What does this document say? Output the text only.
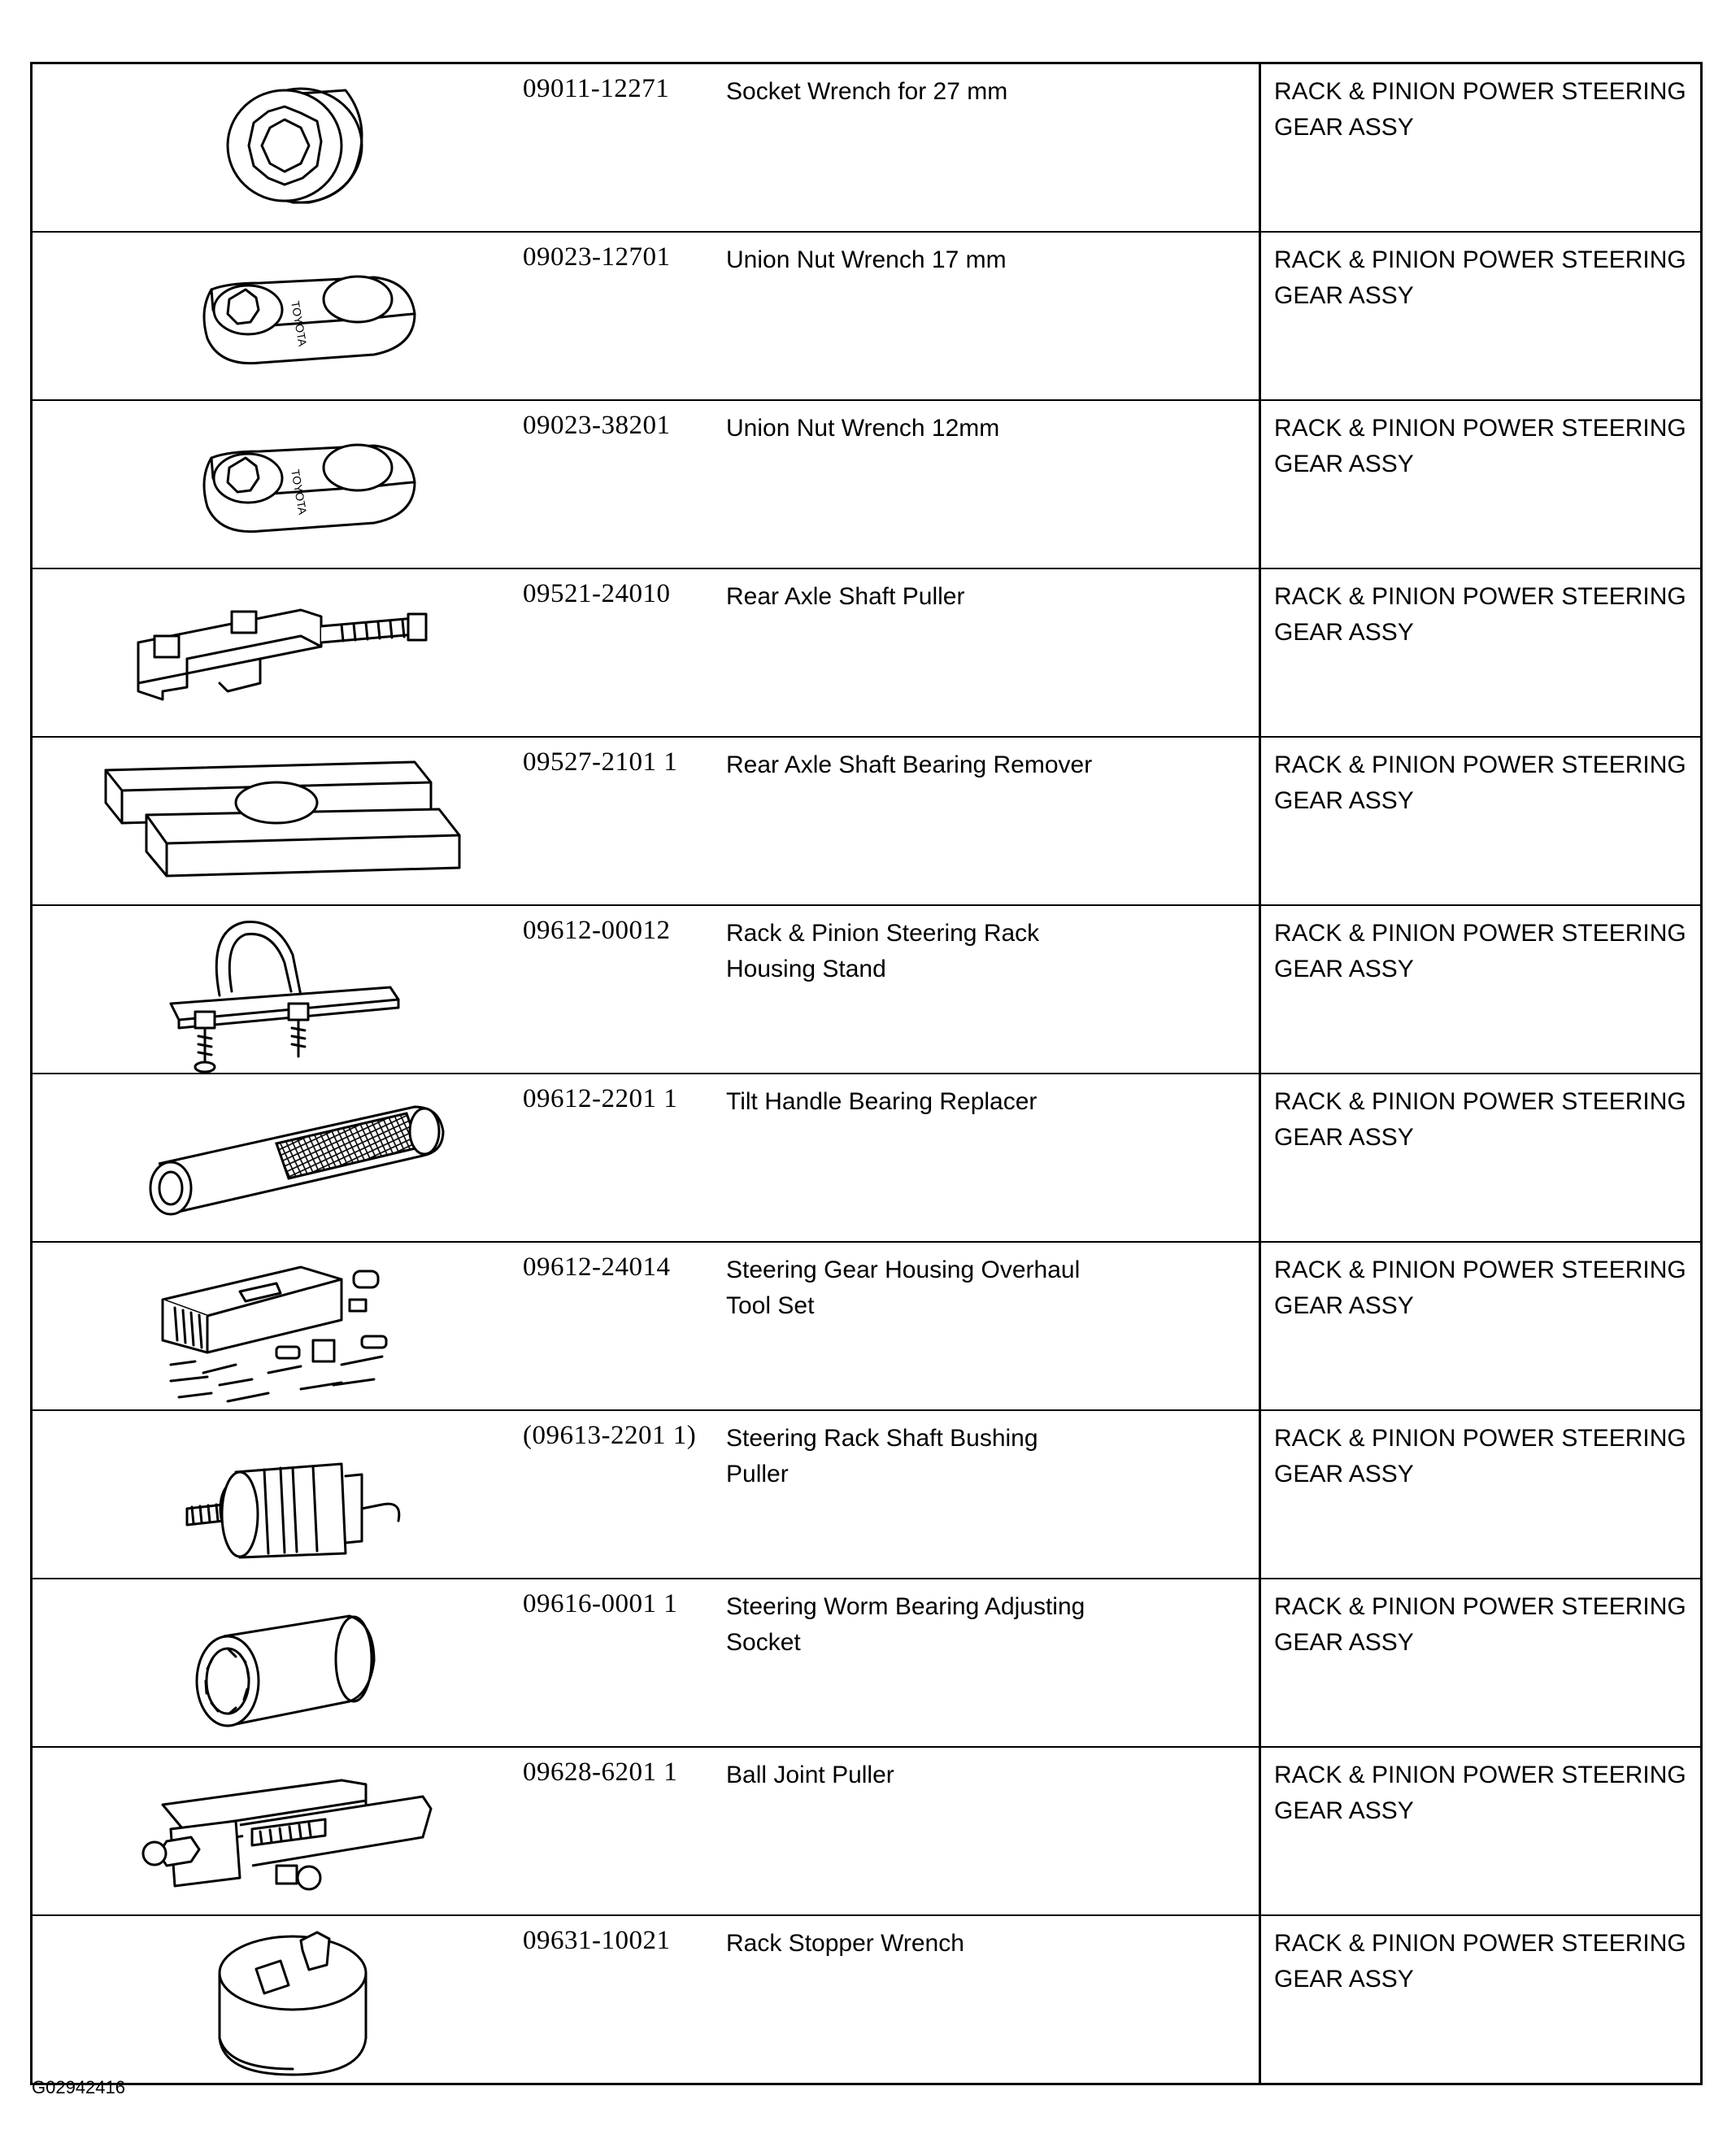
09011-12271 Socket Wrench for 27 mm	RACK & PINION POWER STEERING
GEAR ASSY

TOYOTA	09023-12701 Union Nut Wrench 17 mm	RACK & PINION POWER STEERING
GEAR ASSY

TOYOTA	09023-38201 Union Nut Wrench 12mm	RACK & PINION POWER STEERING
GEAR ASSY

09521-24010 Rear Axle Shaft Puller	RACK & PINION POWER STEERING
GEAR ASSY

09527-2101 1 Rear Axle Shaft Bearing Remover	RACK & PINION POWER STEERING
GEAR ASSY

09612-00012 Rack & Pinion Steering Rack
Housing Stand	RACK & PINION POWER STEERING
GEAR ASSY

09612-2201 1 Tilt Handle Bearing Replacer	RACK & PINION POWER STEERING
GEAR ASSY

09612-24014 Steering Gear Housing Overhaul
Tool Set	RACK & PINION POWER STEERING
GEAR ASSY

(09613-2201 1) Steering Rack Shaft Bushing
Puller	RACK & PINION POWER STEERING
GEAR ASSY

09616-0001 1 Steering Worm Bearing Adjusting
Socket	RACK & PINION POWER STEERING
GEAR ASSY

09628-6201 1 Ball Joint Puller	RACK & PINION POWER STEERING
GEAR ASSY

09631-10021 Rack Stopper Wrench	RACK & PINION POWER STEERING
GEAR ASSY
G02942416
